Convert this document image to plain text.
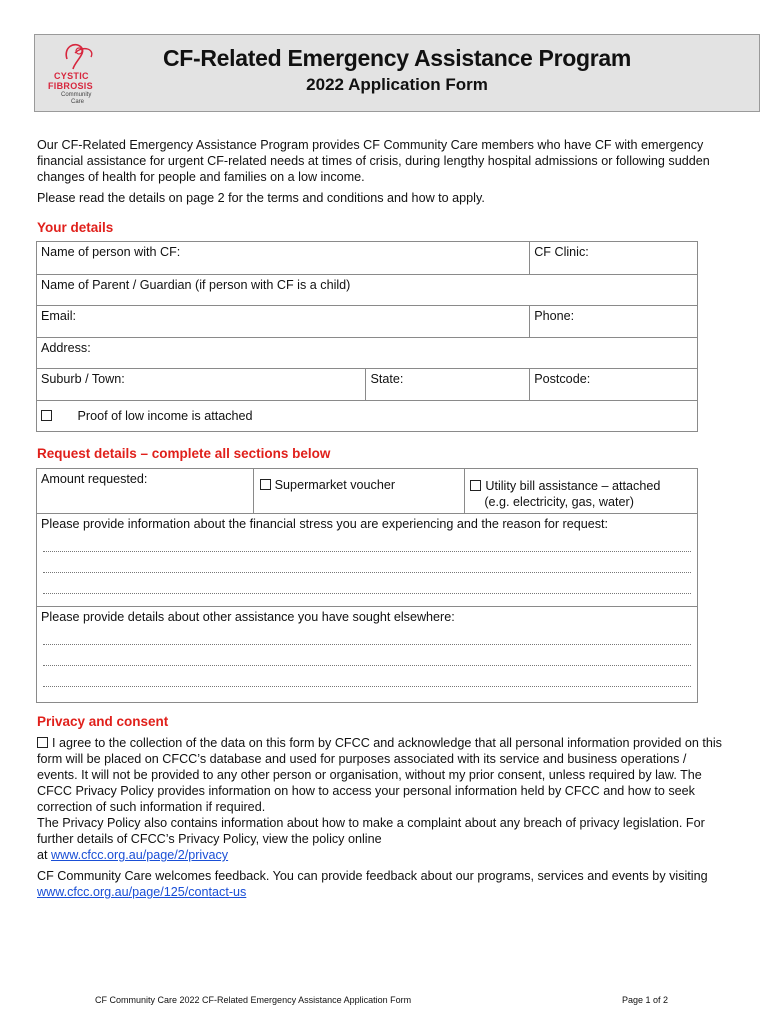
CYSTIC
FIBROSIS
Community
Care
CF-Related Emergency Assistance Program
2022 Application Form
Our CF-Related Emergency Assistance Program provides CF Community Care members who have CF with emergency financial assistance for urgent CF-related needs at times of crisis, during lengthy hospital admissions or following sudden changes of health for people and families on a low income.
Please read the details on page 2 for the terms and conditions and how to apply.
Your details
Name of person with CF:		CF Clinic:
Name of Parent / Guardian (if person with CF is a child)		
Email:		Phone:
Address:		
Suburb / Town:	State:	Postcode:
Proof of low income is attached		
Request details – complete all sections below
Amount requested:	Supermarket voucher	Utility bill assistance – attached
(e.g. electricity, gas, water)

Please provide information about the financial stress you are experiencing and the reason for request:

Please provide details about other assistance you have sought elsewhere:
Privacy and consent
I agree to the collection of the data on this form by CFCC and acknowledge that all personal information provided on this form will be placed on CFCC’s database and used for purposes associated with its service and business operations / events. It will not be provided to any other person or organisation, without my prior consent, unless required by law. The CFCC Privacy Policy provides information on how to access your personal information held by CFCC and how to seek correction of such information if required.
The Privacy Policy also contains information about how to make a complaint about any breach of privacy legislation. For further details of CFCC’s Privacy Policy, view the policy online
at www.cfcc.org.au/page/2/privacy
CF Community Care welcomes feedback. You can provide feedback about our programs, services and events by visiting www.cfcc.org.au/page/125/contact-us
CF Community Care 2022 CF-Related Emergency Assistance Application Form	Page 1 of 2
